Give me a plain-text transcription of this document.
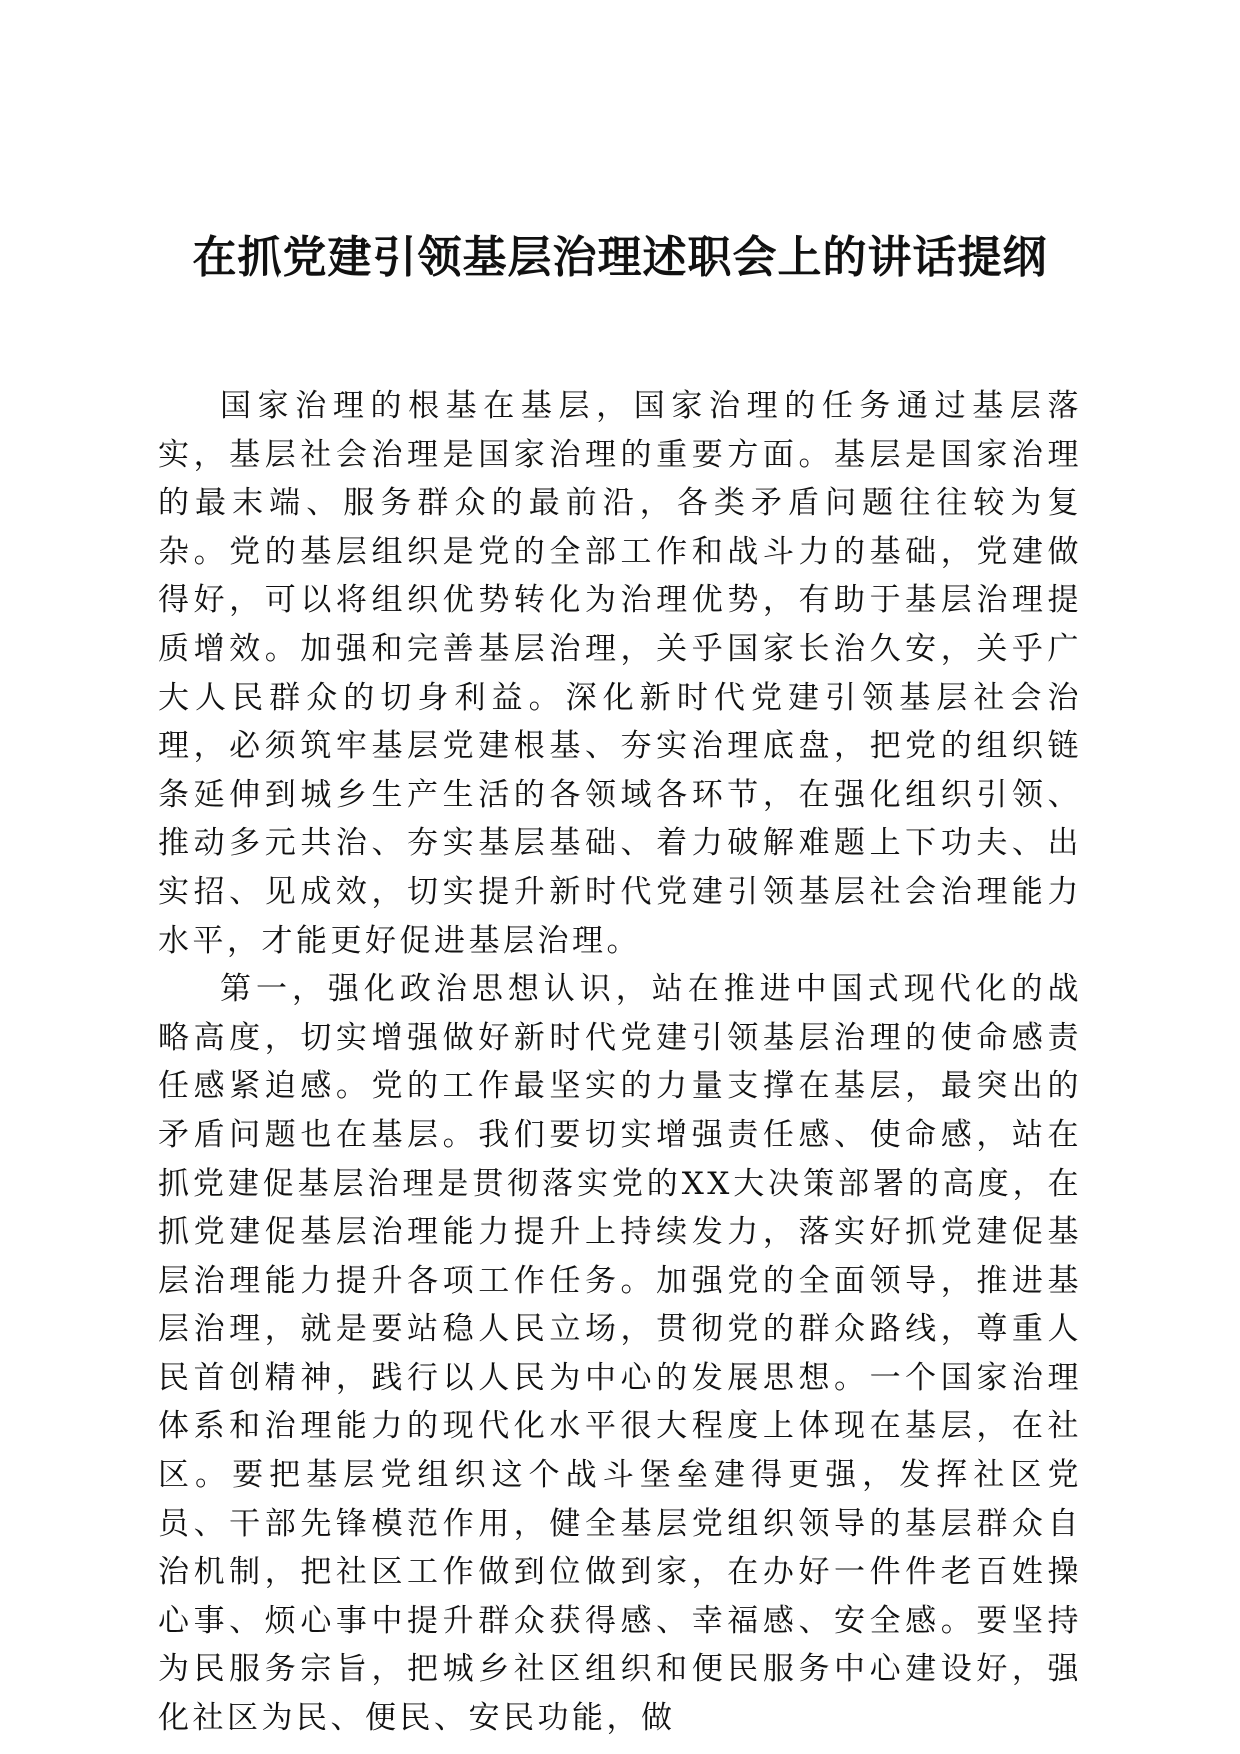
在抓党建引领基层治理述职会上的讲话提纲

国家治理的根基在基层，国家治理的任务通过基层落实，基层社会治理是国家治理的重要方面。基层是国家治理的最末端、服务群众的最前沿，各类矛盾问题往往较为复杂。党的基层组织是党的全部工作和战斗力的基础，党建做得好，可以将组织优势转化为治理优势，有助于基层治理提质增效。加强和完善基层治理，关乎国家长治久安，关乎广大人民群众的切身利益。深化新时代党建引领基层社会治理，必须筑牢基层党建根基、夯实治理底盘，把党的组织链条延伸到城乡生产生活的各领域各环节，在强化组织引领、推动多元共治、夯实基层基础、着力破解难题上下功夫、出实招、见成效，切实提升新时代党建引领基层社会治理能力水平，才能更好促进基层治理。

第一，强化政治思想认识，站在推进中国式现代化的战略高度，切实增强做好新时代党建引领基层治理的使命感责任感紧迫感。党的工作最坚实的力量支撑在基层，最突出的矛盾问题也在基层。我们要切实增强责任感、使命感，站在抓党建促基层治理是贯彻落实党的XX大决策部署的高度，在抓党建促基层治理能力提升上持续发力，落实好抓党建促基层治理能力提升各项工作任务。加强党的全面领导，推进基层治理，就是要站稳人民立场，贯彻党的群众路线，尊重人民首创精神，践行以人民为中心的发展思想。一个国家治理体系和治理能力的现代化水平很大程度上体现在基层，在社区。要把基层党组织这个战斗堡垒建得更强，发挥社区党员、干部先锋模范作用，健全基层党组织领导的基层群众自治机制，把社区工作做到位做到家，在办好一件件老百姓操心事、烦心事中提升群众获得感、幸福感、安全感。要坚持为民服务宗旨，把城乡社区组织和便民服务中心建设好，强化社区为民、便民、安民功能，做
